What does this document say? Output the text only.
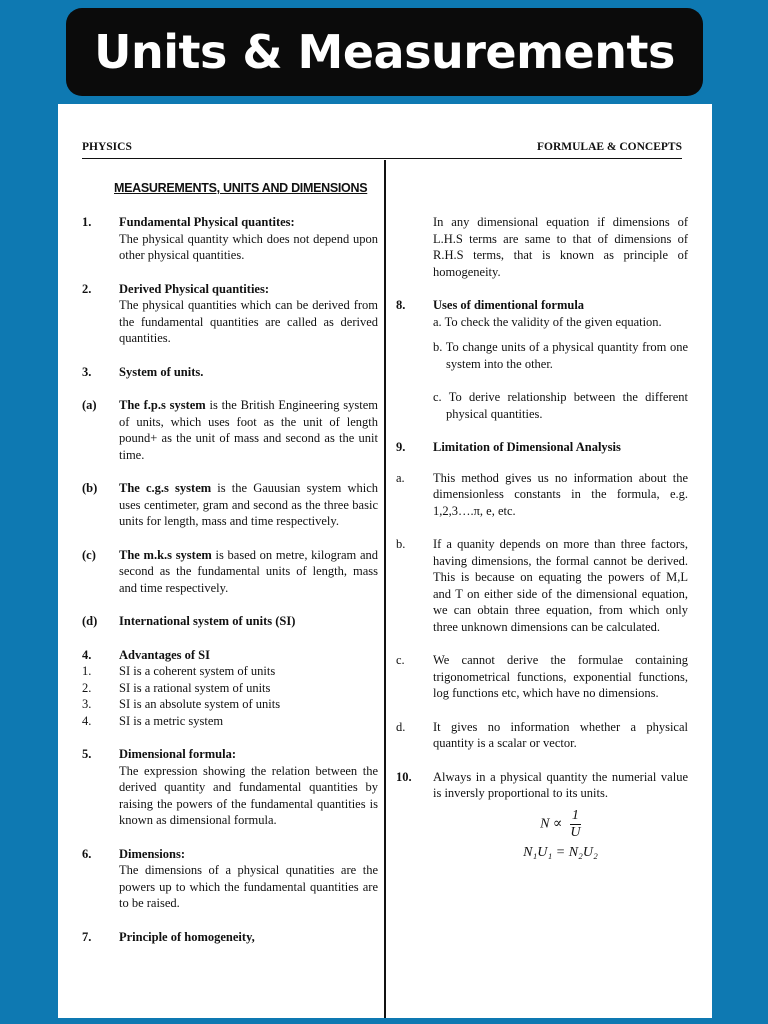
Units & Measurements
PHYSICS	FORMULAE & CONCEPTS
MEASUREMENTS, UNITS AND DIMENSIONS
1. Fundamental Physical quantites:
The physical quantity which does not depend upon other physical quantities.
2. Derived Physical quantities:
The physical quantities which can be derived from the fundamental quantities are called as derived quantities.
3. System of units.
(a) The f.p.s system is the British Engineering system of units, which uses foot as the unit of length pound+ as the unit of mass and second as the unit time.
(b) The c.g.s system is the Gauusian system which uses centimeter, gram and second as the three basic units for length, mass and time respectively.
(c) The m.k.s system is based on metre, kilogram and second as the fundamental units of length, mass and time respectively.
(d) International system of units (SI)
4. Advantages of SI
1. SI is a coherent system of units
2. SI is a rational system of units
3. SI is an absolute system of units
4. SI is a metric system
5. Dimensional formula:
The expression showing the relation between the derived quantity and fundamental quantities by raising the powers of the fundamental quantities is known as dimensional formula.
6. Dimensions:
The dimensions of a physical qunatities are the powers up to which the fundamental quantities are to be raised.
7. Principle of homogeneity,
In any dimensional equation if dimensions of L.H.S terms are same to that of dimensions of R.H.S terms, that is known as principle of homogeneity.
8. Uses of dimentional formula
a. To check the validity of the given equation.
b. To change units of a physical quantity from one system into the other.
c. To derive relationship between the different physical quantities.
9. Limitation of Dimensional Analysis
a. This method gives us no information about the dimensionless constants in the formula, e.g. 1,2,3….π, e, etc.
b. If a quanity depends on more than three factors, having dimensions, the formal cannot be derived. This is because on equating the powers of M,L and T on either side of the dimensional equation, we can obtain three equation, from which only three unknown dimensions can be calculated.
c. We cannot derive the formulae containing trigonometrical functions, exponential functions, log functions etc, which have no dimensions.
d. It gives no information whether a physical quantity is a scalar or vector.
10. Always in a physical quantity the numerial value is inversly proportional to its units.
$N \propto \frac{1}{U}$
N₁U₁ = N₂U₂
